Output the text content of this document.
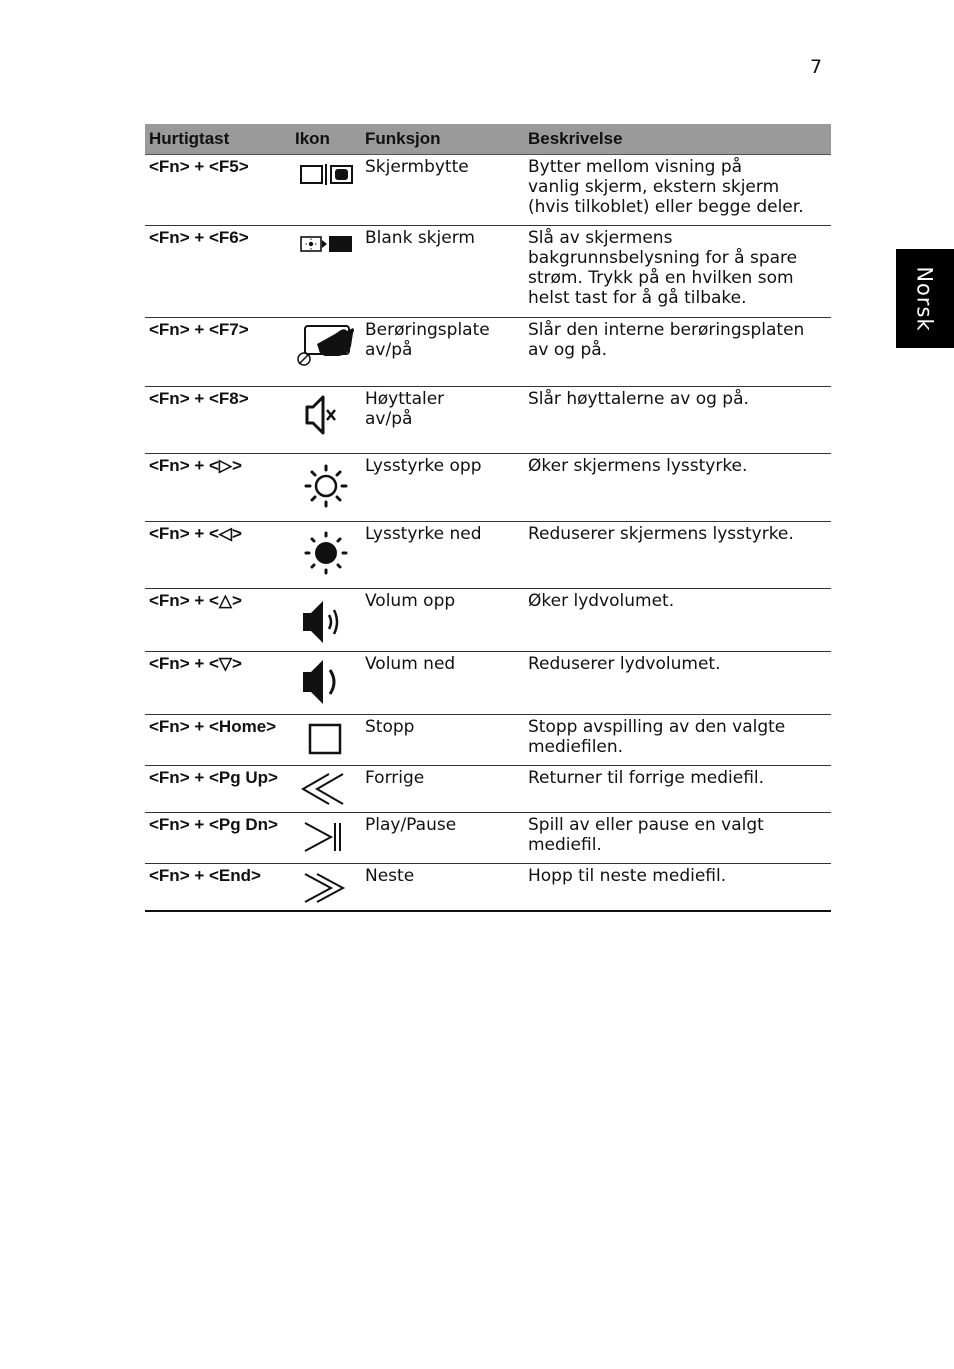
7
Norsk
Hurtigtast	Ikon	Funksjon	Beskrivelse
<Fn> + <F5>		Skjermbytte	Bytter mellom visning på
vanlig skjerm, ekstern skjerm
(hvis tilkoblet) eller begge deler.
<Fn> + <F6>		Blank skjerm	Slå av skjermens
bakgrunnsbelysning for å spare
strøm. Trykk på en hvilken som
helst tast for å gå tilbake.
<Fn> + <F7>		Berøringsplate
av/på	Slår den interne berøringsplaten
av og på.
<Fn> + <F8>		Høyttaler
av/på	Slår høyttalerne av og på.
<Fn> + <▷>		Lysstyrke opp	Øker skjermens lysstyrke.
<Fn> + <◁>		Lysstyrke ned	Reduserer skjermens lysstyrke.
<Fn> + <△>		Volum opp	Øker lydvolumet.
<Fn> + <▽>		Volum ned	Reduserer lydvolumet.
<Fn> + <Home>		Stopp	Stopp avspilling av den valgte
mediefilen.
<Fn> + <Pg Up>		Forrige	Returner til forrige mediefil.
<Fn> + <Pg Dn>		Play/Pause	Spill av eller pause en valgt
mediefil.
<Fn> + <End>		Neste	Hopp til neste mediefil.
